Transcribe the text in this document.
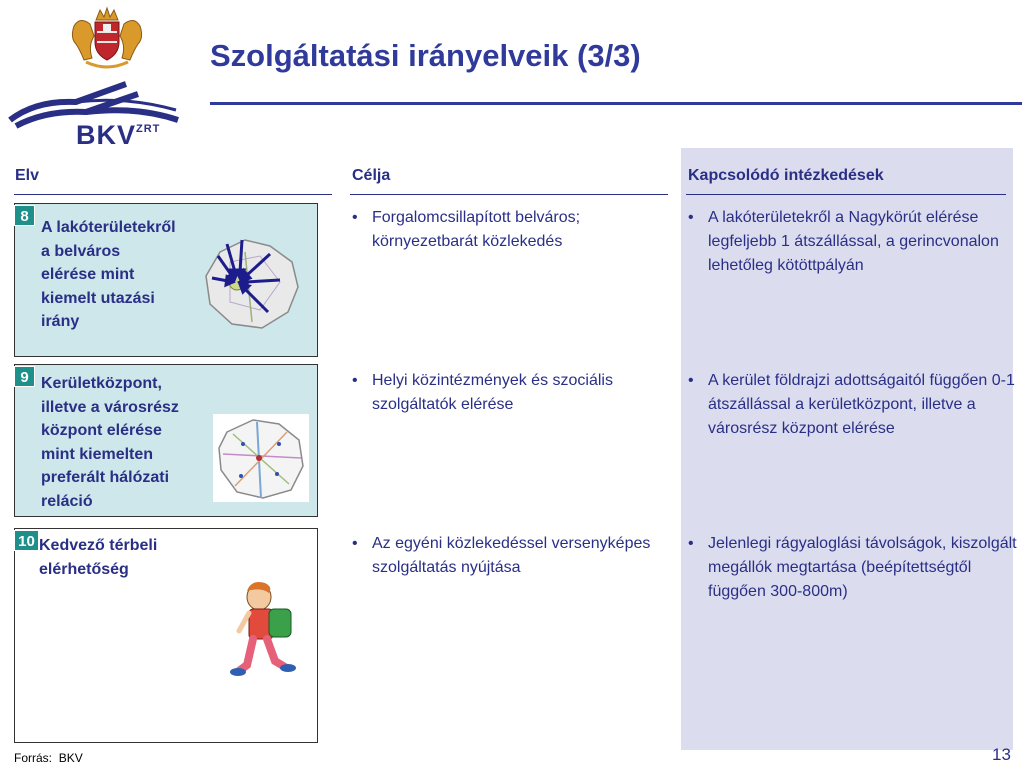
$BKV^{ZRT}$
Szolgáltatási irányelveik (3/3)
Elv	Célja	Kapcsolódó intézkedések
8
A lakóterületekről
a belváros
elérése mint
kiemelt utazási
irány
• Forgalomcsillapított belváros; környezetbarát közlekedés
• A lakóterületekről a Nagykörút elérése legfeljebb 1 átszállással, a gerincvonalon lehetőleg kötöttpályán
9 Kerületközpont,
illetve a városrész
központ elérése
mint kiemelten
preferált hálózati
reláció
• Helyi közintézmények és szociális szolgáltatók elérése
• A kerület földrajzi adottságaitól függően 0-1 átszállással a kerületközpont, illetve a városrész központ elérése
10 Kedvező térbeli
elérhetőség
• Az egyéni közlekedéssel versenyképes szolgáltatás nyújtása
• Jelenlegi rágyaloglási távolságok, kiszolgált megállók megtartása (beépítettségtől függően 300-800m)
Forrás: BKV	13
